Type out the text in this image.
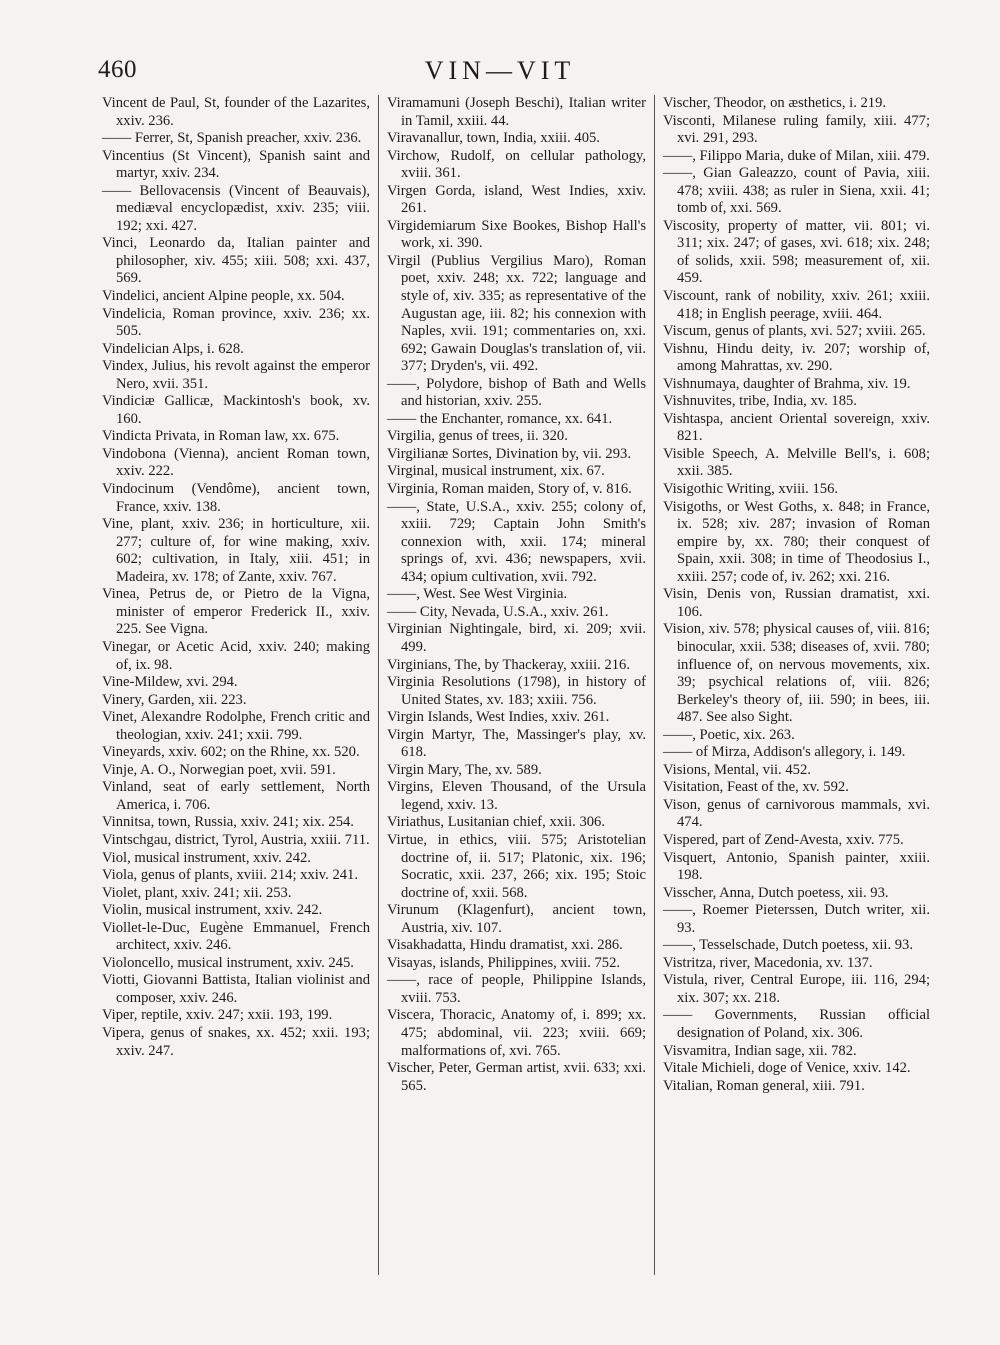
460	VIN—VIT

Vincent de Paul, St, founder of the Lazarites, xxiv. 236.

—— Ferrer, St, Spanish preacher, xxiv. 236.

Vincentius (St Vincent), Spanish saint and martyr, xxiv. 234.

—— Bellovacensis (Vincent of Beauvais), mediæval encyclopædist, xxiv. 235; viii. 192; xxi. 427.

Vinci, Leonardo da, Italian painter and philosopher, xiv. 455; xiii. 508; xxi. 437, 569.

Vindelici, ancient Alpine people, xx. 504.

Vindelicia, Roman province, xxiv. 236; xx. 505.

Vindelician Alps, i. 628.

Vindex, Julius, his revolt against the emperor Nero, xvii. 351.

Vindiciæ Gallicæ, Mackintosh's book, xv. 160.

Vindicta Privata, in Roman law, xx. 675.

Vindobona (Vienna), ancient Roman town, xxiv. 222.

Vindocinum (Vendôme), ancient town, France, xxiv. 138.

Vine, plant, xxiv. 236; in horticulture, xii. 277; culture of, for wine making, xxiv. 602; cultivation, in Italy, xiii. 451; in Madeira, xv. 178; of Zante, xxiv. 767.

Vinea, Petrus de, or Pietro de la Vigna, minister of emperor Frederick II., xxiv. 225. See Vigna.

Vinegar, or Acetic Acid, xxiv. 240; making of, ix. 98.

Vine-Mildew, xvi. 294.

Vinery, Garden, xii. 223.

Vinet, Alexandre Rodolphe, French critic and theologian, xxiv. 241; xxii. 799.

Vineyards, xxiv. 602; on the Rhine, xx. 520.

Vinje, A. O., Norwegian poet, xvii. 591.

Vinland, seat of early settlement, North America, i. 706.

Vinnitsa, town, Russia, xxiv. 241; xix. 254.

Vintschgau, district, Tyrol, Austria, xxiii. 711.

Viol, musical instrument, xxiv. 242.

Viola, genus of plants, xviii. 214; xxiv. 241.

Violet, plant, xxiv. 241; xii. 253.

Violin, musical instrument, xxiv. 242.

Viollet-le-Duc, Eugène Emmanuel, French architect, xxiv. 246.

Violoncello, musical instrument, xxiv. 245.

Viotti, Giovanni Battista, Italian violinist and composer, xxiv. 246.

Viper, reptile, xxiv. 247; xxii. 193, 199.

Vipera, genus of snakes, xx. 452; xxii. 193; xxiv. 247.

Viramamuni (Joseph Beschi), Italian writer in Tamil, xxiii. 44.

Viravanallur, town, India, xxiii. 405.

Virchow, Rudolf, on cellular pathology, xviii. 361.

Virgen Gorda, island, West Indies, xxiv. 261.

Virgidemiarum Sixe Bookes, Bishop Hall's work, xi. 390.

Virgil (Publius Vergilius Maro), Roman poet, xxiv. 248; xx. 722; language and style of, xiv. 335; as representative of the Augustan age, iii. 82; his connexion with Naples, xvii. 191; commentaries on, xxi. 692; Gawain Douglas's translation of, vii. 377; Dryden's, vii. 492.

——, Polydore, bishop of Bath and Wells and historian, xxiv. 255.

—— the Enchanter, romance, xx. 641.

Virgilia, genus of trees, ii. 320.

Virgilianæ Sortes, Divination by, vii. 293.

Virginal, musical instrument, xix. 67.

Virginia, Roman maiden, Story of, v. 816.

——, State, U.S.A., xxiv. 255; colony of, xxiii. 729; Captain John Smith's connexion with, xxii. 174; mineral springs of, xvi. 436; newspapers, xvii. 434; opium cultivation, xvii. 792.

——, West. See West Virginia.

—— City, Nevada, U.S.A., xxiv. 261.

Virginian Nightingale, bird, xi. 209; xvii. 499.

Virginians, The, by Thackeray, xxiii. 216.

Virginia Resolutions (1798), in history of United States, xv. 183; xxiii. 756.

Virgin Islands, West Indies, xxiv. 261.

Virgin Martyr, The, Massinger's play, xv. 618.

Virgin Mary, The, xv. 589.

Virgins, Eleven Thousand, of the Ursula legend, xxiv. 13.

Viriathus, Lusitanian chief, xxii. 306.

Virtue, in ethics, viii. 575; Aristotelian doctrine of, ii. 517; Platonic, xix. 196; Socratic, xxii. 237, 266; xix. 195; Stoic doctrine of, xxii. 568.

Virunum (Klagenfurt), ancient town, Austria, xiv. 107.

Visakhadatta, Hindu dramatist, xxi. 286.

Visayas, islands, Philippines, xviii. 752.

——, race of people, Philippine Islands, xviii. 753.

Viscera, Thoracic, Anatomy of, i. 899; xx. 475; abdominal, vii. 223; xviii. 669; malformations of, xvi. 765.

Vischer, Peter, German artist, xvii. 633; xxi. 565.

Vischer, Theodor, on æsthetics, i. 219.

Visconti, Milanese ruling family, xiii. 477; xvi. 291, 293.

——, Filippo Maria, duke of Milan, xiii. 479.

——, Gian Galeazzo, count of Pavia, xiii. 478; xviii. 438; as ruler in Siena, xxii. 41; tomb of, xxi. 569.

Viscosity, property of matter, vii. 801; vi. 311; xix. 247; of gases, xvi. 618; xix. 248; of solids, xxii. 598; measurement of, xii. 459.

Viscount, rank of nobility, xxiv. 261; xxiii. 418; in English peerage, xviii. 464.

Viscum, genus of plants, xvi. 527; xviii. 265.

Vishnu, Hindu deity, iv. 207; worship of, among Mahrattas, xv. 290.

Vishnumaya, daughter of Brahma, xiv. 19.

Vishnuvites, tribe, India, xv. 185.

Vishtaspa, ancient Oriental sovereign, xxiv. 821.

Visible Speech, A. Melville Bell's, i. 608; xxii. 385.

Visigothic Writing, xviii. 156.

Visigoths, or West Goths, x. 848; in France, ix. 528; xiv. 287; invasion of Roman empire by, xx. 780; their conquest of Spain, xxii. 308; in time of Theodosius I., xxiii. 257; code of, iv. 262; xxi. 216.

Visin, Denis von, Russian dramatist, xxi. 106.

Vision, xiv. 578; physical causes of, viii. 816; binocular, xxii. 538; diseases of, xvii. 780; influence of, on nervous movements, xix. 39; psychical relations of, viii. 826; Berkeley's theory of, iii. 590; in bees, iii. 487. See also Sight.

——, Poetic, xix. 263.

—— of Mirza, Addison's allegory, i. 149.

Visions, Mental, vii. 452.

Visitation, Feast of the, xv. 592.

Vison, genus of carnivorous mammals, xvi. 474.

Vispered, part of Zend-Avesta, xxiv. 775.

Visquert, Antonio, Spanish painter, xxiii. 198.

Visscher, Anna, Dutch poetess, xii. 93.

——, Roemer Pieterssen, Dutch writer, xii. 93.

——, Tesselschade, Dutch poetess, xii. 93.

Vistritza, river, Macedonia, xv. 137.

Vistula, river, Central Europe, iii. 116, 294; xix. 307; xx. 218.

—— Governments, Russian official designation of Poland, xix. 306.

Visvamitra, Indian sage, xii. 782.

Vitale Michieli, doge of Venice, xxiv. 142.

Vitalian, Roman general, xiii. 791.
